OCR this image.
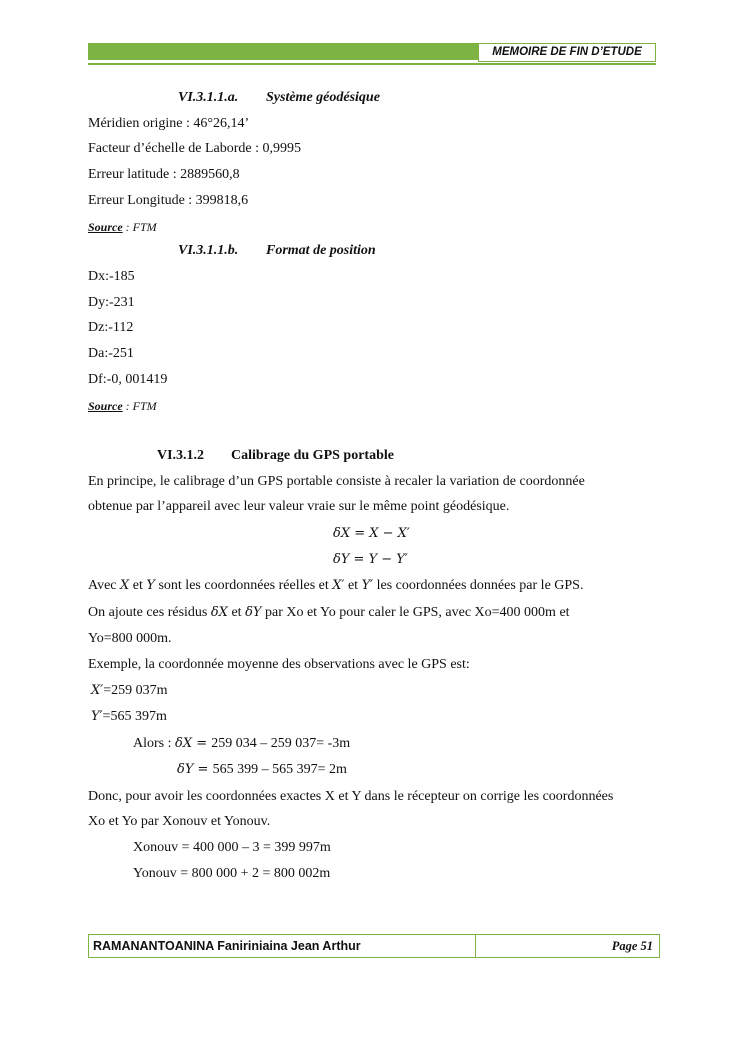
MEMOIRE DE FIN D’ETUDE
VI.3.1.1.a. Système géodésique
Méridien origine : 46°26,14’
Facteur d’échelle de Laborde : 0,9995
Erreur latitude : 2889560,8
Erreur Longitude : 399818,6
Source : FTM
VI.3.1.1.b. Format de position
Dx:-185
Dy:-231
Dz:-112
Da:-251
Df:-0, 001419
Source : FTM
VI.3.1.2 Calibrage du GPS portable
En principe, le calibrage d’un GPS portable consiste à recaler la variation de coordonnée
obtenue par l’appareil avec leur valeur vraie sur le même point géodésique.
δX = X − X′
δY = Y − Y′
Avec X et Y sont les coordonnées réelles et X′ et Y′ les coordonnées données par le GPS.
On ajoute ces résidus δX et δY par Xo et Yo pour caler le GPS, avec Xo=400 000m et
Yo=800 000m.
Exemple, la coordonnée moyenne des observations avec le GPS est:
X′=259 037m
Y′=565 397m
Alors : δX = 259 034 – 259 037= -3m
δY = 565 399 – 565 397= 2m
Donc, pour avoir les coordonnées exactes X et Y dans le récepteur on corrige les coordonnées
Xo et Yo par Xonouv et Yonouv.
Xonouv = 400 000 – 3 = 399 997m
Yonouv = 800 000 + 2 = 800 002m
RAMANANTOANINA Faniriniaina Jean Arthur	Page 51
